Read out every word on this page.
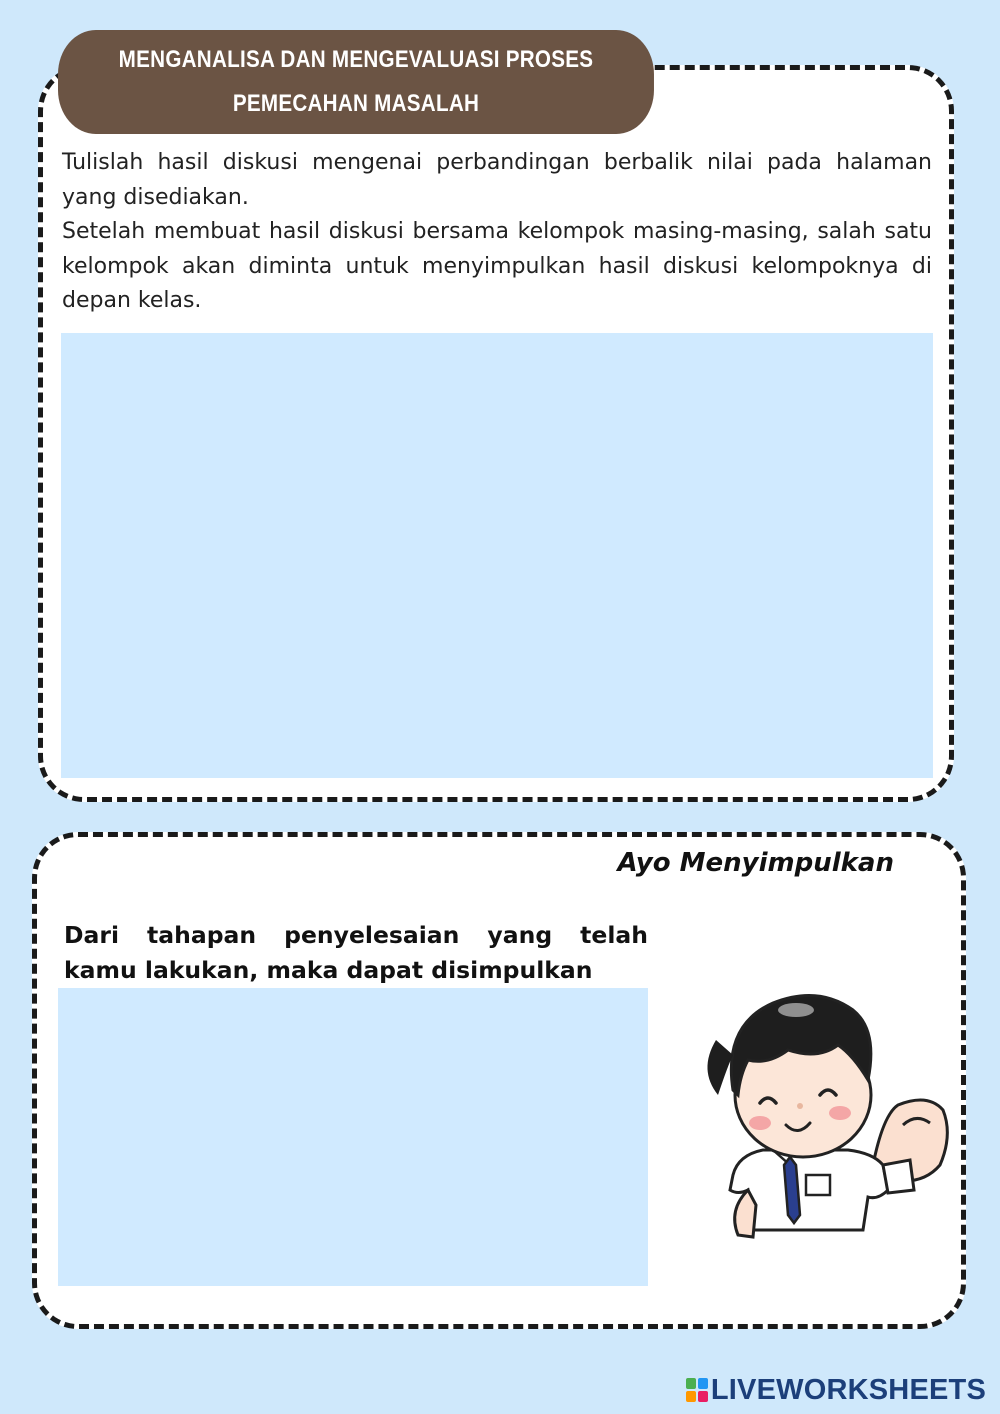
MENGANALISA DAN MENGEVALUASI PROSES PEMECAHAN MASALAH

Tulislah hasil diskusi mengenai perbandingan berbalik nilai pada halaman yang disediakan.

Setelah membuat hasil diskusi bersama kelompok masing-masing, salah satu kelompok akan diminta untuk menyimpulkan hasil diskusi kelompoknya di depan kelas.

Ayo Menyimpulkan
Dari tahapan penyelesaian yang telah
kamu lakukan, maka dapat disimpulkan
LIVEWORKSHEETS
